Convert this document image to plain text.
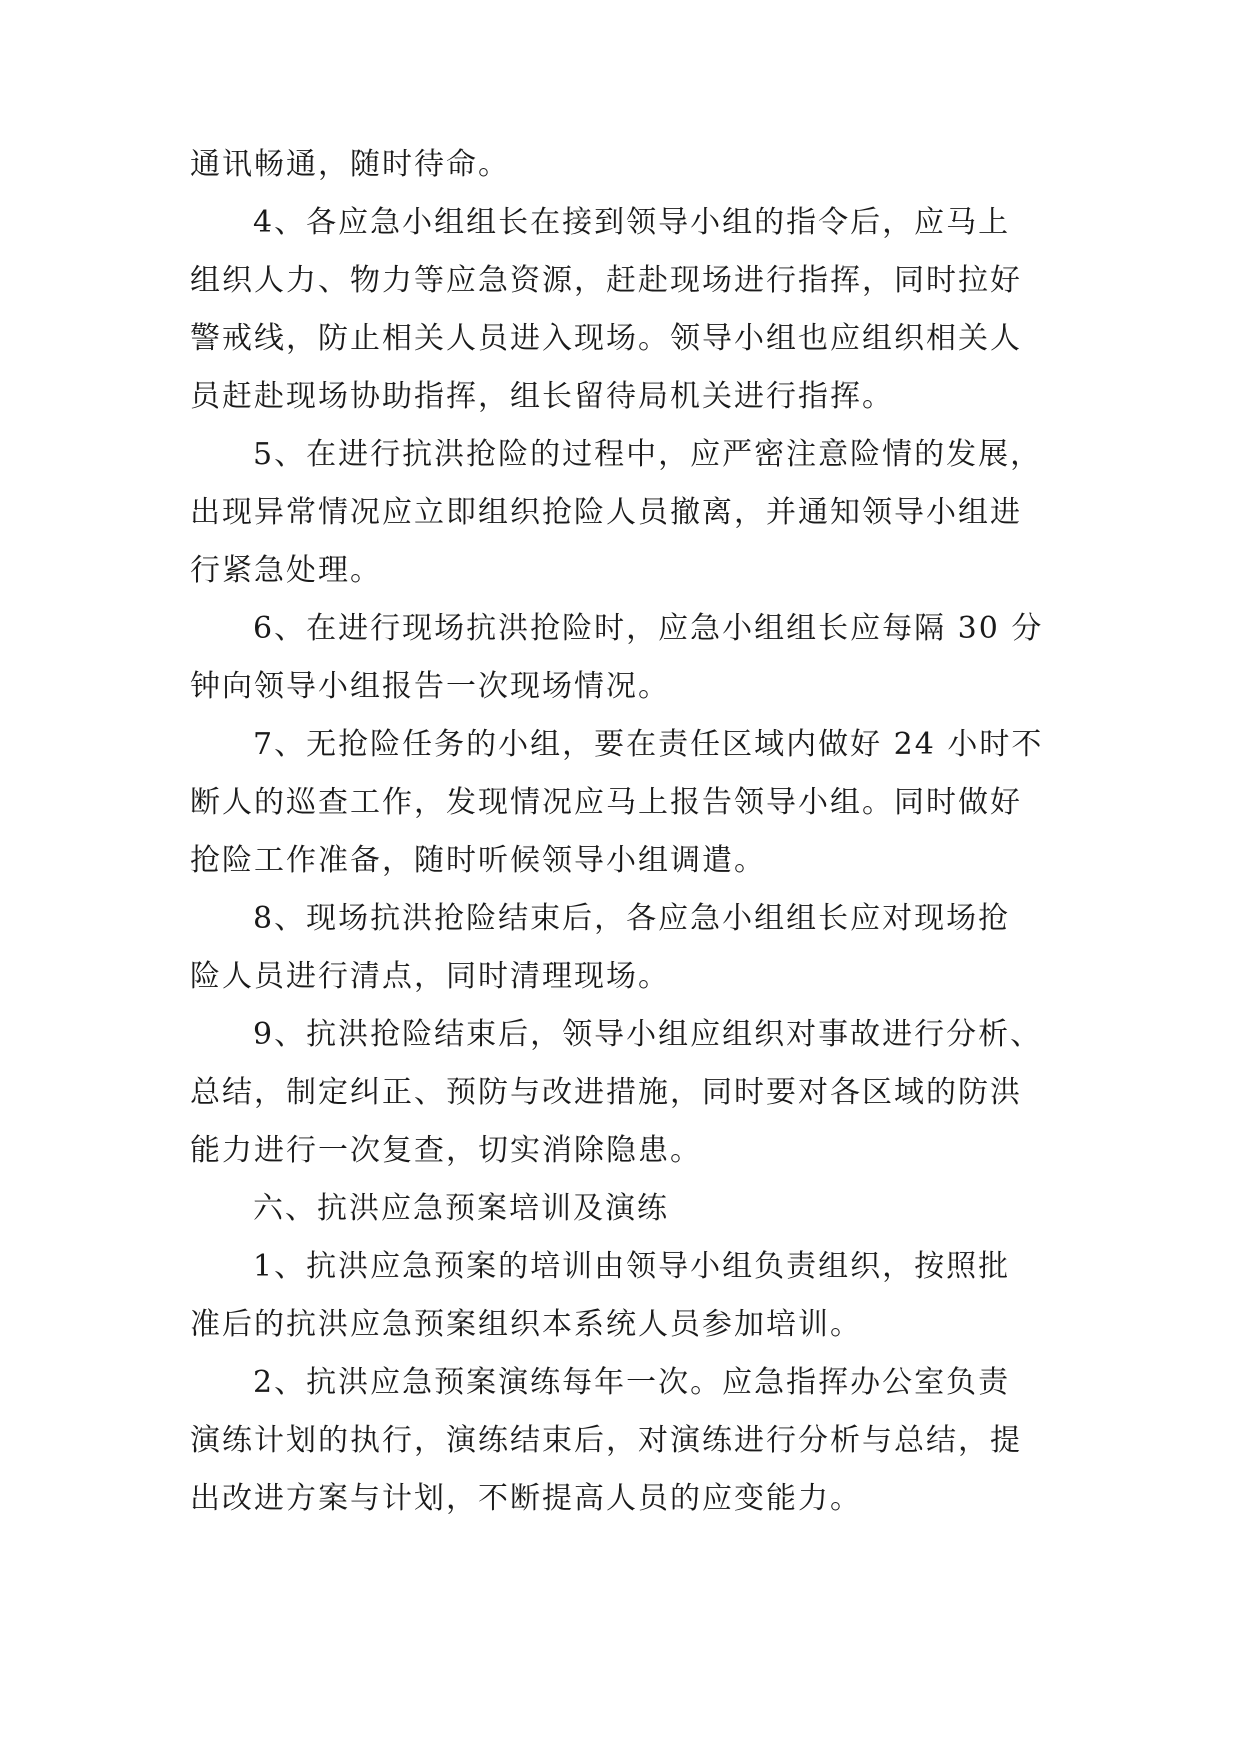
通讯畅通，随时待命。
4、各应急小组组长在接到领导小组的指令后，应马上
组织人力、物力等应急资源，赶赴现场进行指挥，同时拉好
警戒线，防止相关人员进入现场。领导小组也应组织相关人
员赶赴现场协助指挥，组长留待局机关进行指挥。
5、在进行抗洪抢险的过程中，应严密注意险情的发展，
出现异常情况应立即组织抢险人员撤离，并通知领导小组进
行紧急处理。
6、在进行现场抗洪抢险时，应急小组组长应每隔 30 分
钟向领导小组报告一次现场情况。
7、无抢险任务的小组，要在责任区域内做好 24 小时不
断人的巡查工作，发现情况应马上报告领导小组。同时做好
抢险工作准备，随时听候领导小组调遣。
8、现场抗洪抢险结束后，各应急小组组长应对现场抢
险人员进行清点，同时清理现场。
9、抗洪抢险结束后，领导小组应组织对事故进行分析、
总结，制定纠正、预防与改进措施，同时要对各区域的防洪
能力进行一次复查，切实消除隐患。
六、抗洪应急预案培训及演练
1、抗洪应急预案的培训由领导小组负责组织，按照批
准后的抗洪应急预案组织本系统人员参加培训。
2、抗洪应急预案演练每年一次。应急指挥办公室负责
演练计划的执行，演练结束后，对演练进行分析与总结，提
出改进方案与计划，不断提高人员的应变能力。
